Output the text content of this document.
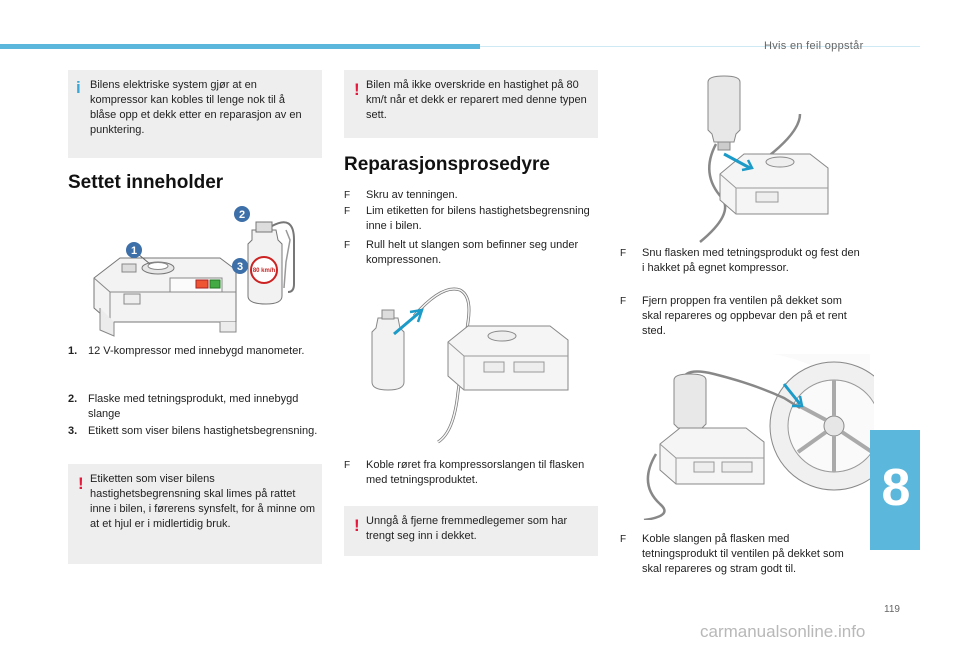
Hvis en feil oppstår
i Bilens elektriske system gjør at en kompressor kan kobles til lenge nok til å blåse opp et dekk etter en reparasjon av en punktering.
Settet inneholder
80 km/h
1
2
3
1. 12 V-kompressor med innebygd manometer.
2. Flaske med tetningsprodukt, med innebygd slange
3. Etikett som viser bilens hastighetsbegrensning.
! Etiketten som viser bilens hastighetsbegrensning skal limes på rattet inne i bilen, i førerens synsfelt, for å minne om at et hjul er i midlertidig bruk.
! Bilen må ikke overskride en hastighet på 80 km/t når et dekk er reparert med denne typen sett.
Reparasjonsprosedyre
F	Skru av tenningen.
F	Lim etiketten for bilens hastighetsbegrensning inne i bilen.
F	Rull helt ut slangen som befinner seg under kompressonen.
F	Koble røret fra kompressorslangen til flasken med tetningsproduktet.
! Unngå å fjerne fremmedlegemer som har trengt seg inn i dekket.
F	Snu flasken med tetningsprodukt og fest den i hakket på egnet kompressor.
F	Fjern proppen fra ventilen på dekket som skal repareres og oppbevar den på et rent sted.
F	Koble slangen på flasken med tetningsprodukt til ventilen på dekket som skal repareres og stram godt til.
8
119
carmanualsonline.info
